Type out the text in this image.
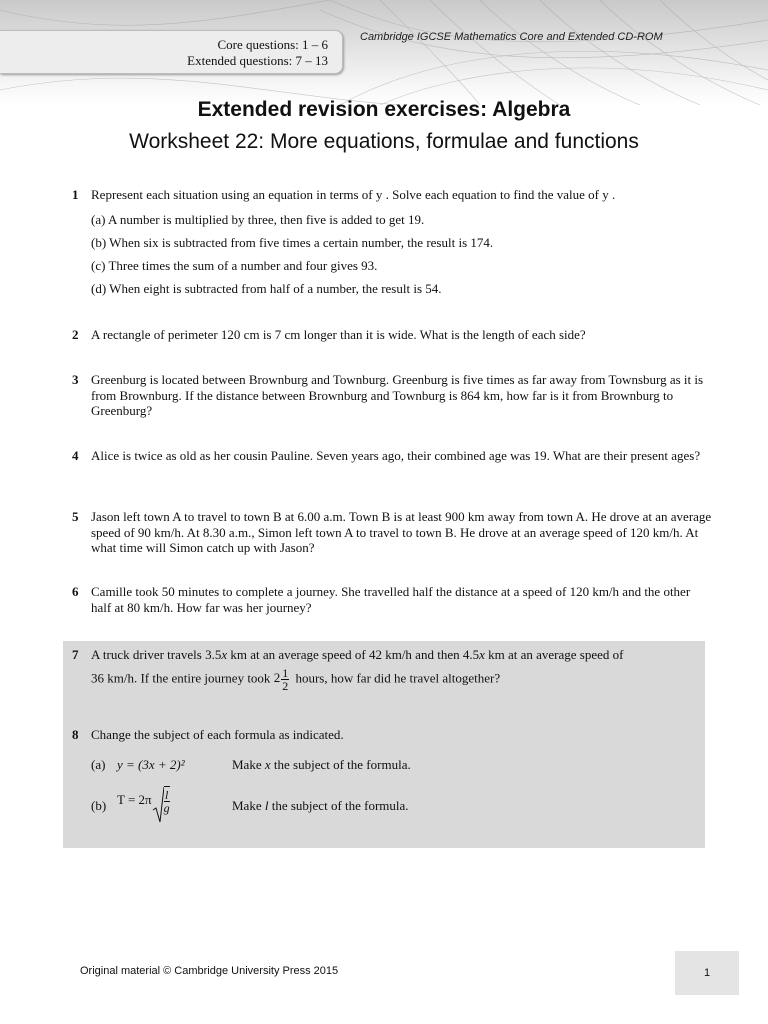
Core questions: 1 – 6
Extended questions: 7 – 13
Cambridge IGCSE Mathematics Core and Extended CD-ROM
Extended revision exercises: Algebra
Worksheet 22: More equations, formulae and functions
1 Represent each situation using an equation in terms of y . Solve each equation to find the value of y .
(a) A number is multiplied by three, then five is added to get 19.
(b) When six is subtracted from five times a certain number, the result is 174.
(c) Three times the sum of a number and four gives 93.
(d) When eight is subtracted from half of a number, the result is 54.
2 A rectangle of perimeter 120 cm is 7 cm longer than it is wide. What is the length of each side?
3 Greenburg is located between Brownburg and Townburg. Greenburg is five times as far away from Townsburg as it is from Brownburg. If the distance between Brownburg and Townburg is 864 km, how far is it from Brownburg to Greenburg?
4 Alice is twice as old as her cousin Pauline. Seven years ago, their combined age was 19. What are their present ages?
5 Jason left town A to travel to town B at 6.00 a.m. Town B is at least 900 km away from town A. He drove at an average speed of 90 km/h. At 8.30 a.m., Simon left town A to travel to town B. He drove at an average speed of 120 km/h. At what time will Simon catch up with Jason?
6 Camille took 50 minutes to complete a journey. She travelled half the distance at a speed of 120 km/h and the other half at 80 km/h. How far was her journey?
7 A truck driver travels 3.5x km at an average speed of 42 km/h and then 4.5x km at an average speed of
36 km/h. If the entire journey took $2 \frac{1}{2}$ hours, how far did he travel altogether?
8 Change the subject of each formula as indicated.
(a) y = (3x + 2)²	Make x the subject of the formula.
(b) $T = 2\pi \frac{l}{g}$	Make l the subject of the formula.
Original material © Cambridge University Press 2015	1
